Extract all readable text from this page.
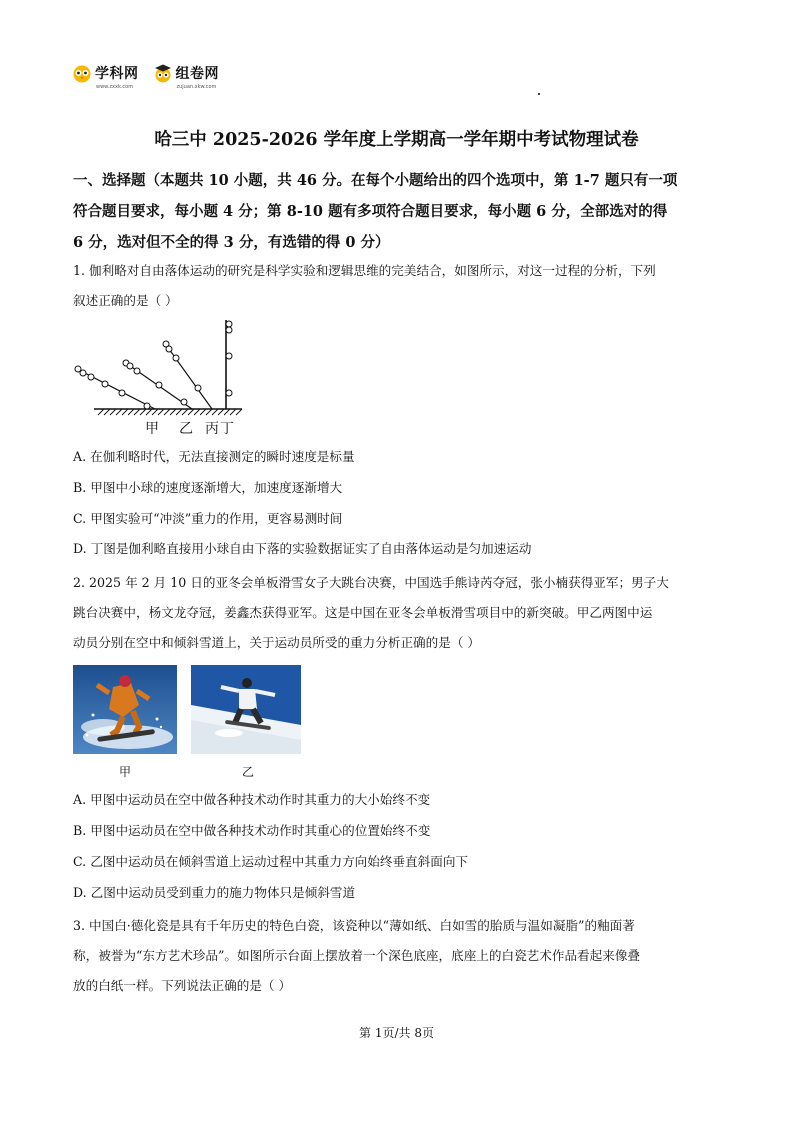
学科网
www.zxxk.com
组卷网
zujuan.xkw.com
哈三中 2025-2026 学年度上学期高一学年期中考试物理试卷
一、选择题（本题共 10 小题，共 46 分。在每个小题给出的四个选项中，第 1-7 题只有一项
符合题目要求，每小题 4 分；第 8-10 题有多项符合题目要求，每小题 6 分，全部选对的得
6 分，选对但不全的得 3 分，有选错的得 0 分）
1. 伽利略对自由落体运动的研究是科学实验和逻辑思维的完美结合，如图所示，对这一过程的分析，下列
叙述正确的是（ ）
甲 乙 丙 丁
A. 在伽利略时代，无法直接测定的瞬时速度是标量
B. 甲图中小球的速度逐渐增大，加速度逐渐增大
C. 甲图实验可“冲淡”重力的作用，更容易测时间
D. 丁图是伽利略直接用小球自由下落的实验数据证实了自由落体运动是匀加速运动
2. 2025 年 2 月 10 日的亚冬会单板滑雪女子大跳台决赛，中国选手熊诗芮夺冠，张小楠获得亚军；男子大
跳台决赛中，杨文龙夺冠，姜鑫杰获得亚军。这是中国在亚冬会单板滑雪项目中的新突破。甲乙两图中运
动员分别在空中和倾斜雪道上，关于运动员所受的重力分析正确的是（ ）
甲	乙
A. 甲图中运动员在空中做各种技术动作时其重力的大小始终不变
B. 甲图中运动员在空中做各种技术动作时其重心的位置始终不变
C. 乙图中运动员在倾斜雪道上运动过程中其重力方向始终垂直斜面向下
D. 乙图中运动员受到重力的施力物体只是倾斜雪道
3. 中国白·德化瓷是具有千年历史的特色白瓷，该瓷种以“薄如纸、白如雪的胎质与温如凝脂”的釉面著
称，被誉为“东方艺术珍品”。如图所示台面上摆放着一个深色底座，底座上的白瓷艺术作品看起来像叠
放的白纸一样。下列说法正确的是（ ）
第 1页/共 8页
